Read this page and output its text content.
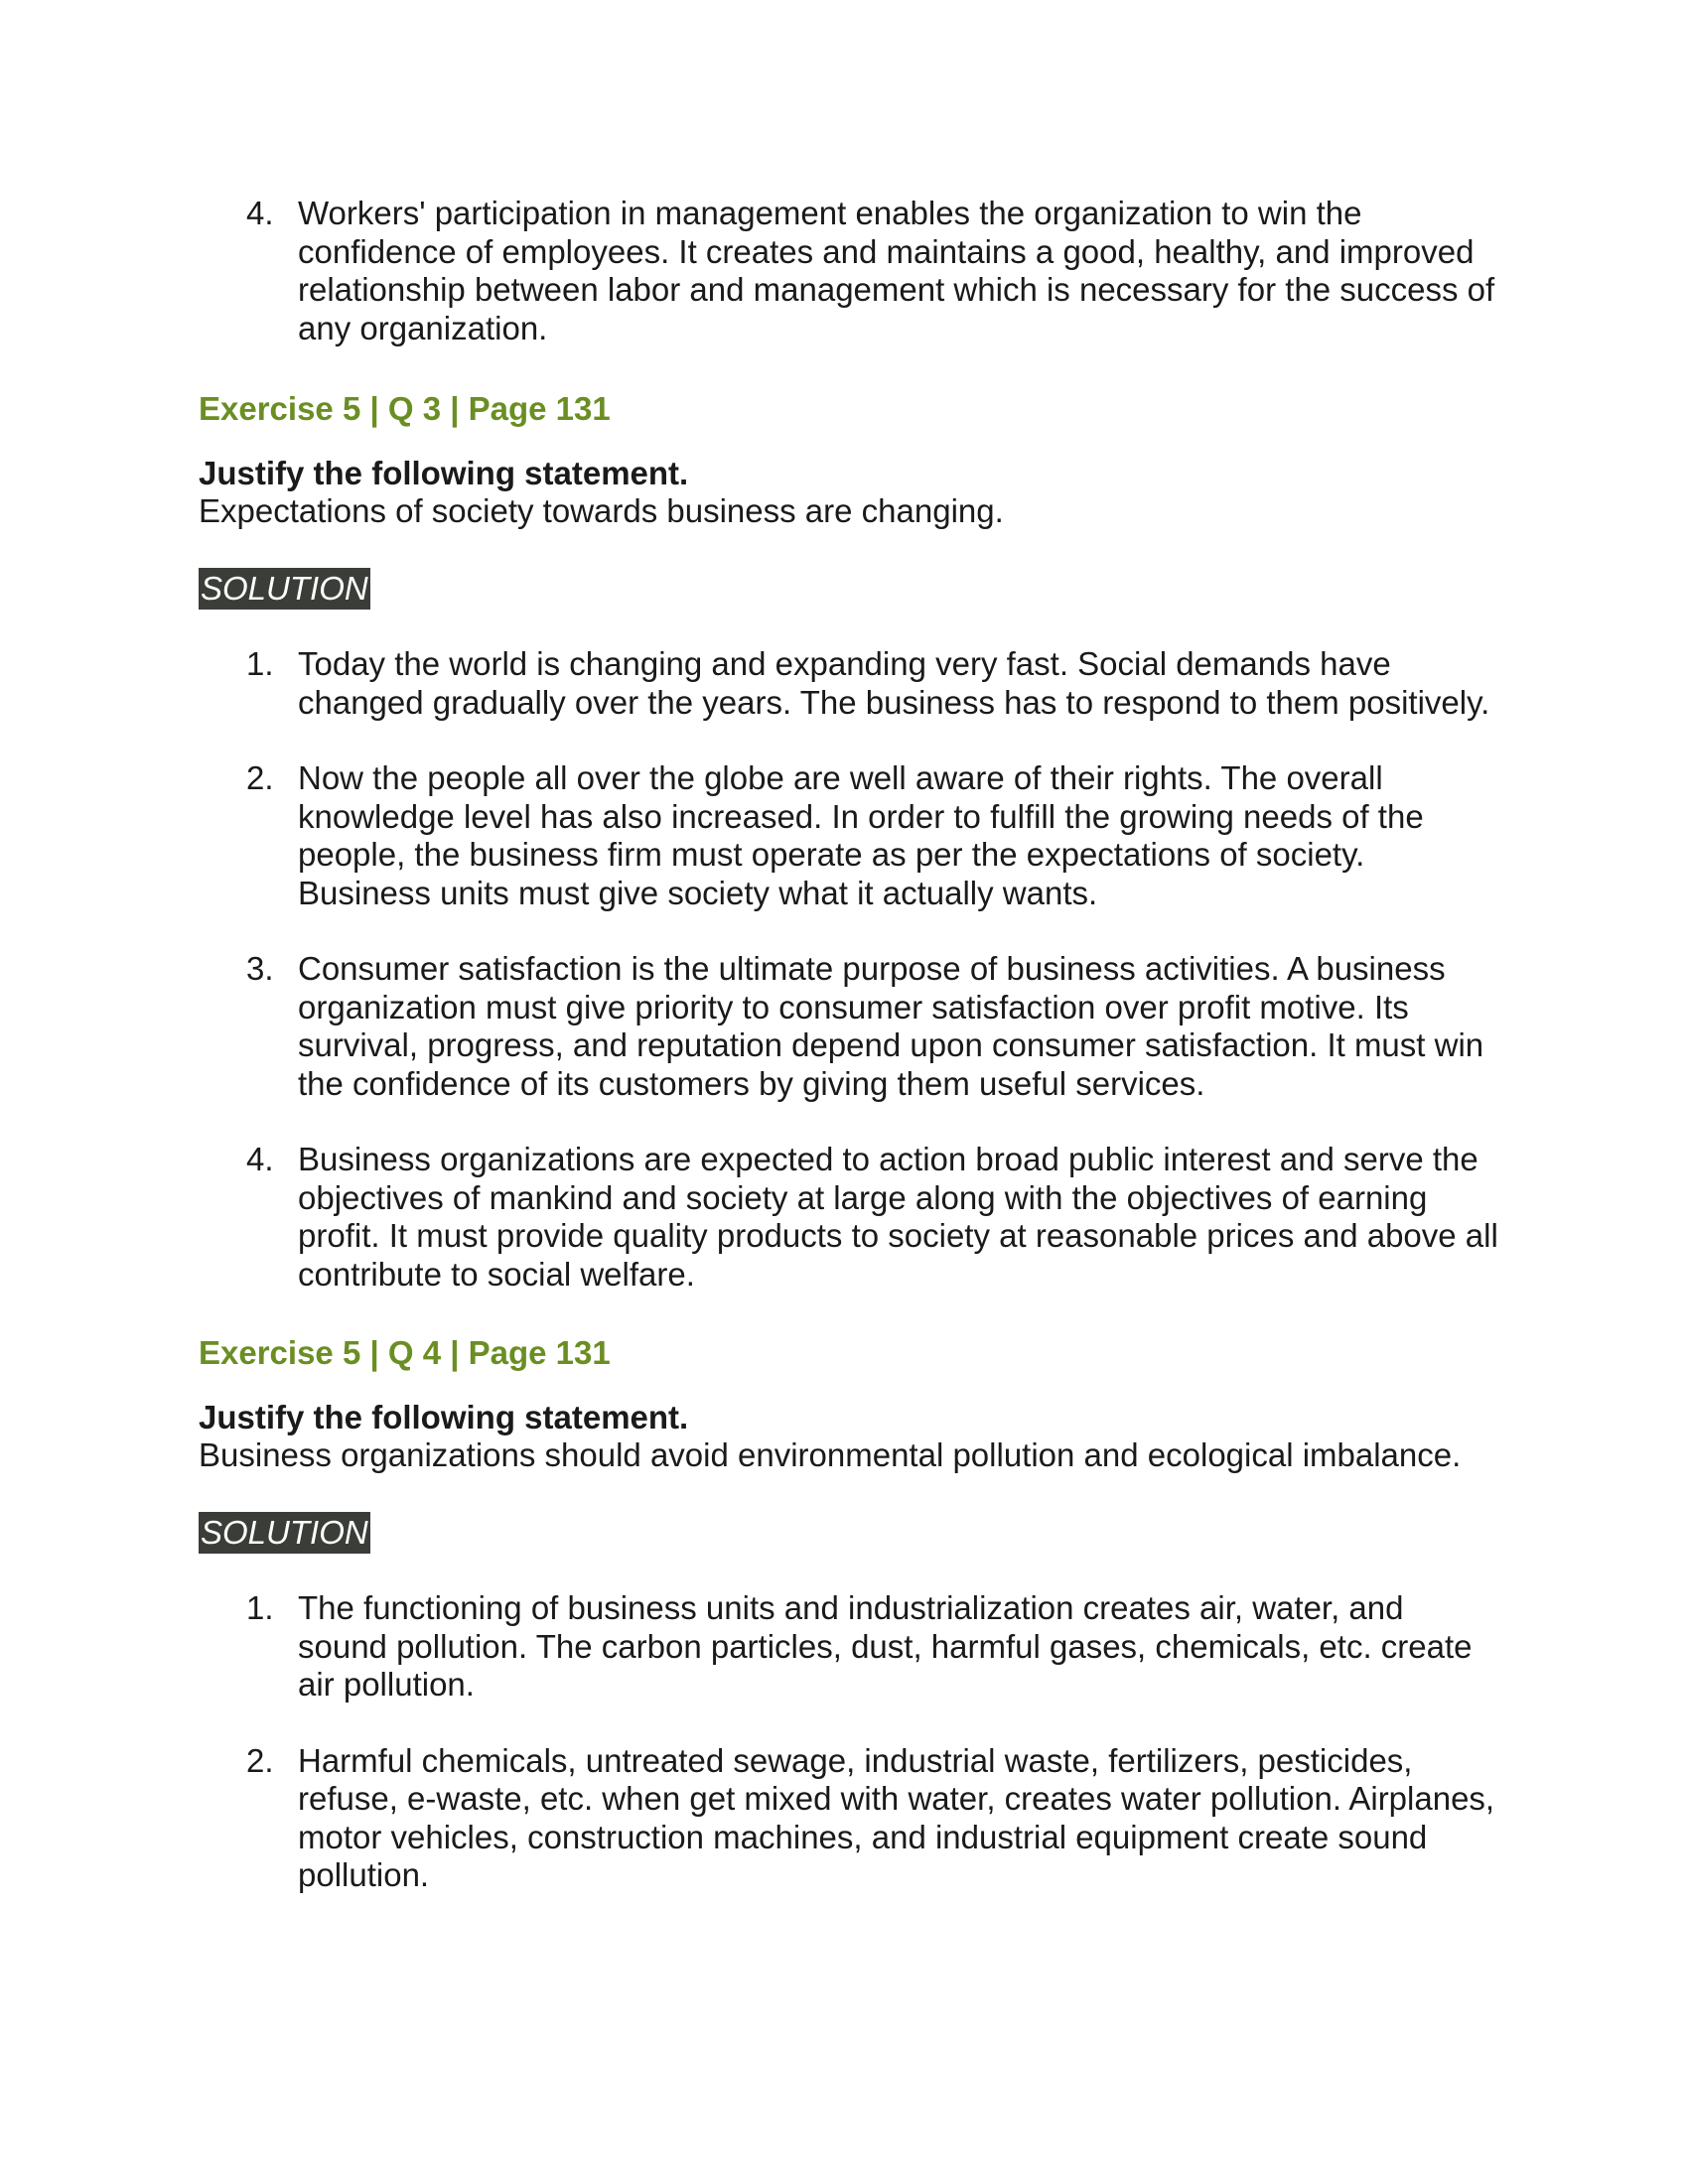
4. Workers' participation in management enables the organization to win the confidence of employees. It creates and maintains a good, healthy, and improved relationship between labor and management which is necessary for the success of any organization.
Exercise 5 | Q 3 | Page 131

Justify the following statement.

Expectations of society towards business are changing.

SOLUTION
1. Today the world is changing and expanding very fast. Social demands have changed gradually over the years. The business has to respond to them positively.
2. Now the people all over the globe are well aware of their rights. The overall knowledge level has also increased. In order to fulfill the growing needs of the people, the business firm must operate as per the expectations of society. Business units must give society what it actually wants.
3. Consumer satisfaction is the ultimate purpose of business activities. A business organization must give priority to consumer satisfaction over profit motive. Its survival, progress, and reputation depend upon consumer satisfaction. It must win the confidence of its customers by giving them useful services.
4. Business organizations are expected to action broad public interest and serve the objectives of mankind and society at large along with the objectives of earning profit. It must provide quality products to society at reasonable prices and above all contribute to social welfare.
Exercise 5 | Q 4 | Page 131

Justify the following statement.

Business organizations should avoid environmental pollution and ecological imbalance.

SOLUTION
1. The functioning of business units and industrialization creates air, water, and sound pollution. The carbon particles, dust, harmful gases, chemicals, etc. create air pollution.
2. Harmful chemicals, untreated sewage, industrial waste, fertilizers, pesticides, refuse, e-waste, etc. when get mixed with water, creates water pollution. Airplanes, motor vehicles, construction machines, and industrial equipment create sound pollution.
